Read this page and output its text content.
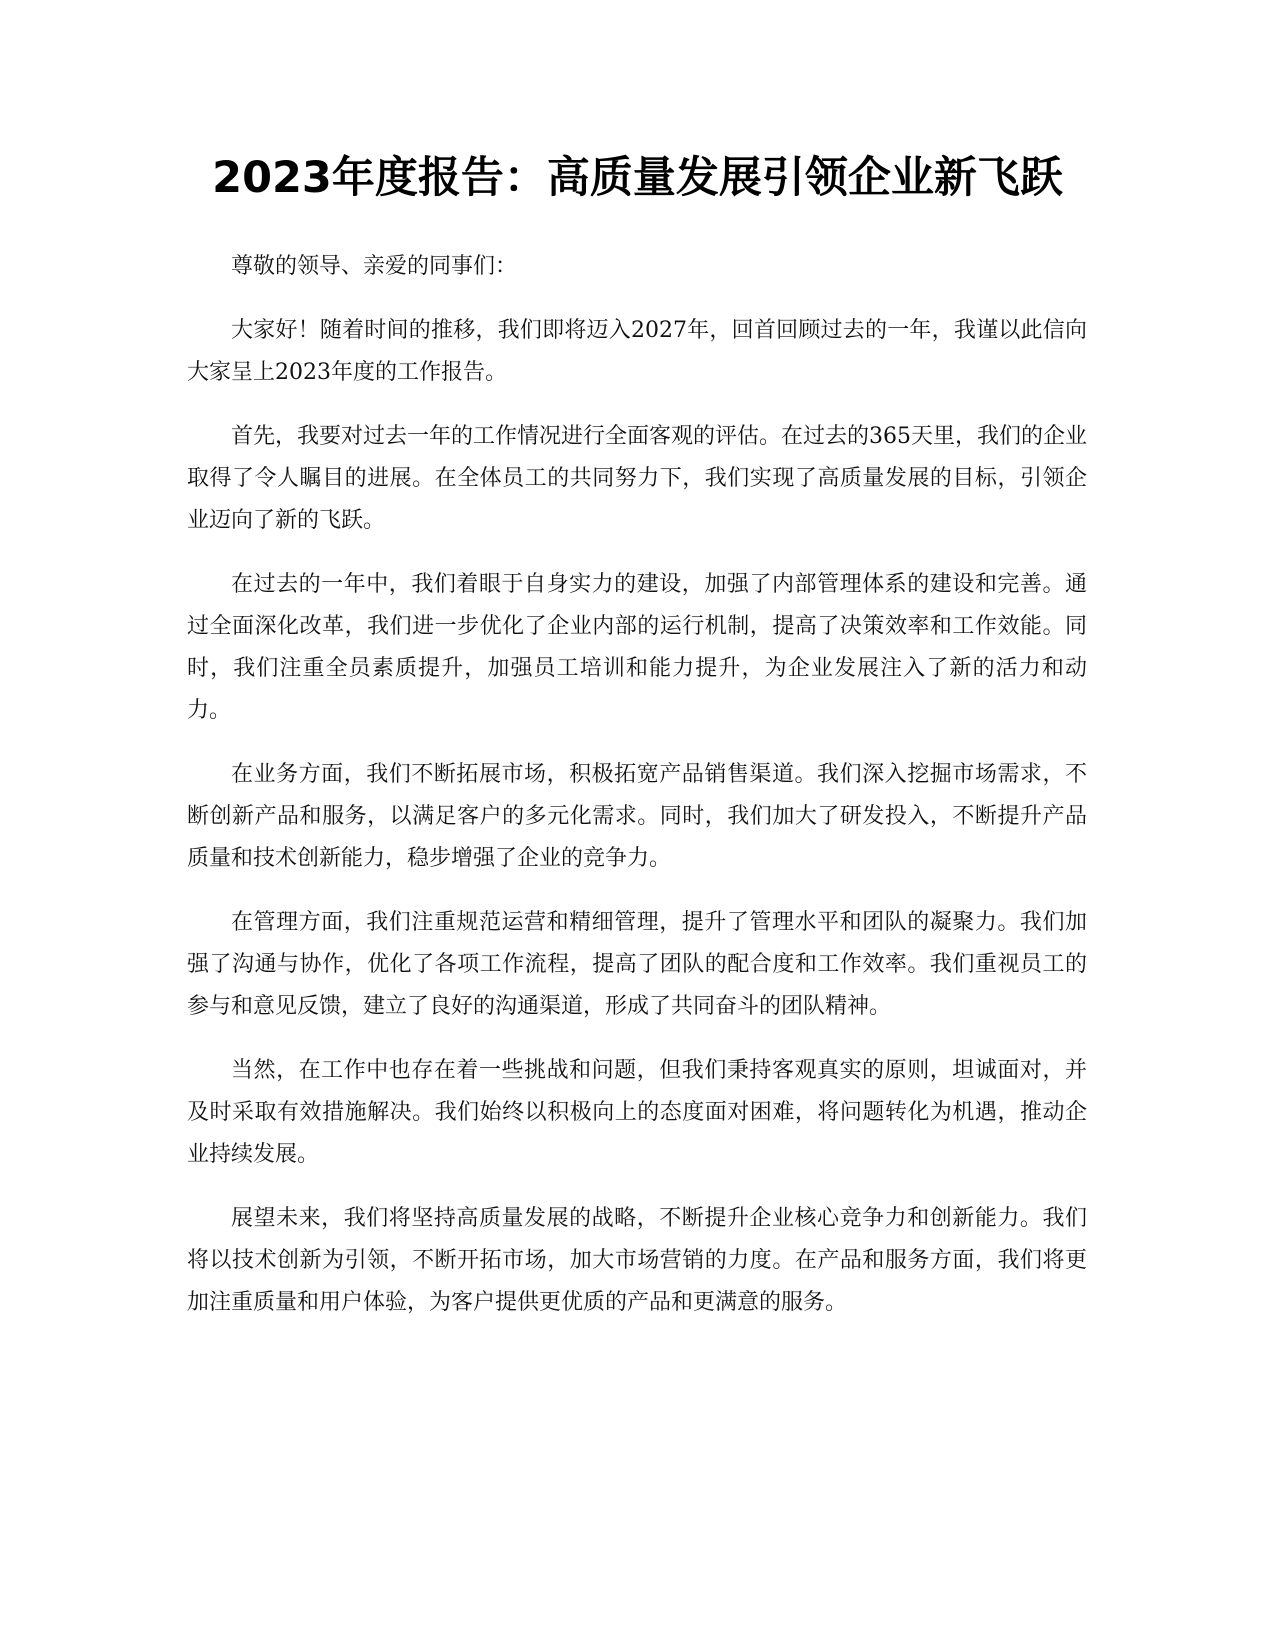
2023年度报告：高质量发展引领企业新飞跃

尊敬的领导、亲爱的同事们：

大家好！随着时间的推移，我们即将迈入2027年，回首回顾过去的一年，我谨以此信向大家呈上2023年度的工作报告。

首先，我要对过去一年的工作情况进行全面客观的评估。在过去的365天里，我们的企业取得了令人瞩目的进展。在全体员工的共同努力下，我们实现了高质量发展的目标，引领企业迈向了新的飞跃。

在过去的一年中，我们着眼于自身实力的建设，加强了内部管理体系的建设和完善。通过全面深化改革，我们进一步优化了企业内部的运行机制，提高了决策效率和工作效能。同时，我们注重全员素质提升，加强员工培训和能力提升，为企业发展注入了新的活力和动力。

在业务方面，我们不断拓展市场，积极拓宽产品销售渠道。我们深入挖掘市场需求，不断创新产品和服务，以满足客户的多元化需求。同时，我们加大了研发投入，不断提升产品质量和技术创新能力，稳步增强了企业的竞争力。

在管理方面，我们注重规范运营和精细管理，提升了管理水平和团队的凝聚力。我们加强了沟通与协作，优化了各项工作流程，提高了团队的配合度和工作效率。我们重视员工的参与和意见反馈，建立了良好的沟通渠道，形成了共同奋斗的团队精神。

当然，在工作中也存在着一些挑战和问题，但我们秉持客观真实的原则，坦诚面对，并及时采取有效措施解决。我们始终以积极向上的态度面对困难，将问题转化为机遇，推动企业持续发展。

展望未来，我们将坚持高质量发展的战略，不断提升企业核心竞争力和创新能力。我们将以技术创新为引领，不断开拓市场，加大市场营销的力度。在产品和服务方面，我们将更加注重质量和用户体验，为客户提供更优质的产品和更满意的服务。
